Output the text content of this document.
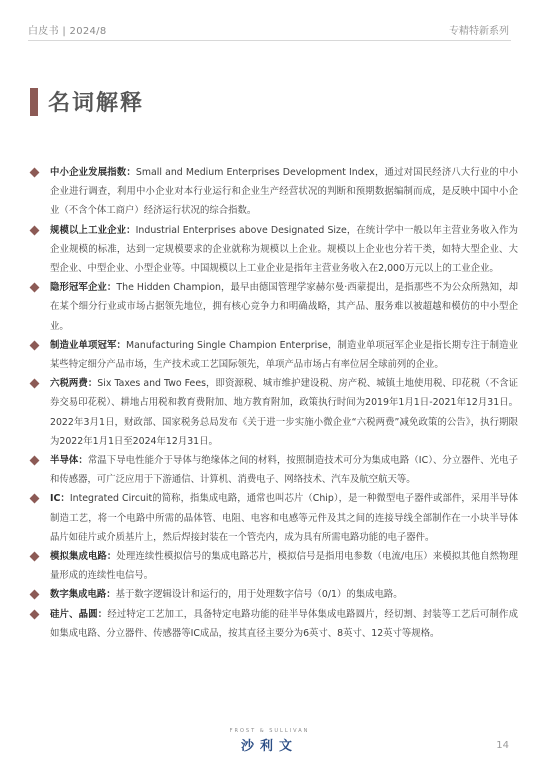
白皮书 | 2024/8	专精特新系列
名词解释
中小企业发展指数：Small and Medium Enterprises Development Index，通过对国民经济八大行业的中小企业进行调查，利用中小企业对本行业运行和企业生产经营状况的判断和预期数据编制而成，是反映中国中小企业（不含个体工商户）经济运行状况的综合指数。
规模以上工业企业：Industrial Enterprises above Designated Size，在统计学中一般以年主营业务收入作为企业规模的标准，达到一定规模要求的企业就称为规模以上企业。规模以上企业也分若干类，如特大型企业、大型企业、中型企业、小型企业等。中国规模以上工业企业是指年主营业务收入在2,000万元以上的工业企业。
隐形冠军企业：The Hidden Champion，最早由德国管理学家赫尔曼·西蒙提出，是指那些不为公众所熟知，却在某个细分行业或市场占据领先地位，拥有核心竞争力和明确战略，其产品、服务难以被超越和模仿的中小型企业。
制造业单项冠军：Manufacturing Single Champion Enterprise，制造业单项冠军企业是指长期专注于制造业某些特定细分产品市场，生产技术或工艺国际领先，单项产品市场占有率位居全球前列的企业。
六税两费：Six Taxes and Two Fees，即资源税、城市维护建设税、房产税、城镇土地使用税、印花税（不含证券交易印花税）、耕地占用税和教育费附加、地方教育附加，政策执行时间为2019年1月1日-2021年12月31日。2022年3月1日，财政部、国家税务总局发布《关于进一步实施小微企业“六税两费”减免政策的公告》，执行期限为2022年1月1日至2024年12月31日。
半导体：常温下导电性能介于导体与绝缘体之间的材料，按照制造技术可分为集成电路（IC）、分立器件、光电子和传感器，可广泛应用于下游通信、计算机、消费电子、网络技术、汽车及航空航天等。
IC：Integrated Circuit的简称，指集成电路，通常也叫芯片（Chip），是一种微型电子器件或部件，采用半导体制造工艺，将一个电路中所需的晶体管、电阻、电容和电感等元件及其之间的连接导线全部制作在一小块半导体晶片如硅片或介质基片上，然后焊接封装在一个管壳内，成为具有所需电路功能的电子器件。
模拟集成电路：处理连续性模拟信号的集成电路芯片，模拟信号是指用电参数（电流/电压）来模拟其他自然物理量形成的连续性电信号。
数字集成电路：基于数字逻辑设计和运行的，用于处理数字信号（0/1）的集成电路。
硅片、晶圆：经过特定工艺加工，具备特定电路功能的硅半导体集成电路圆片，经切割、封装等工艺后可制作成如集成电路、分立器件、传感器等IC成品，按其直径主要分为6英寸、8英寸、12英寸等规格。
FROST & SULLIVAN
沙利文	14
